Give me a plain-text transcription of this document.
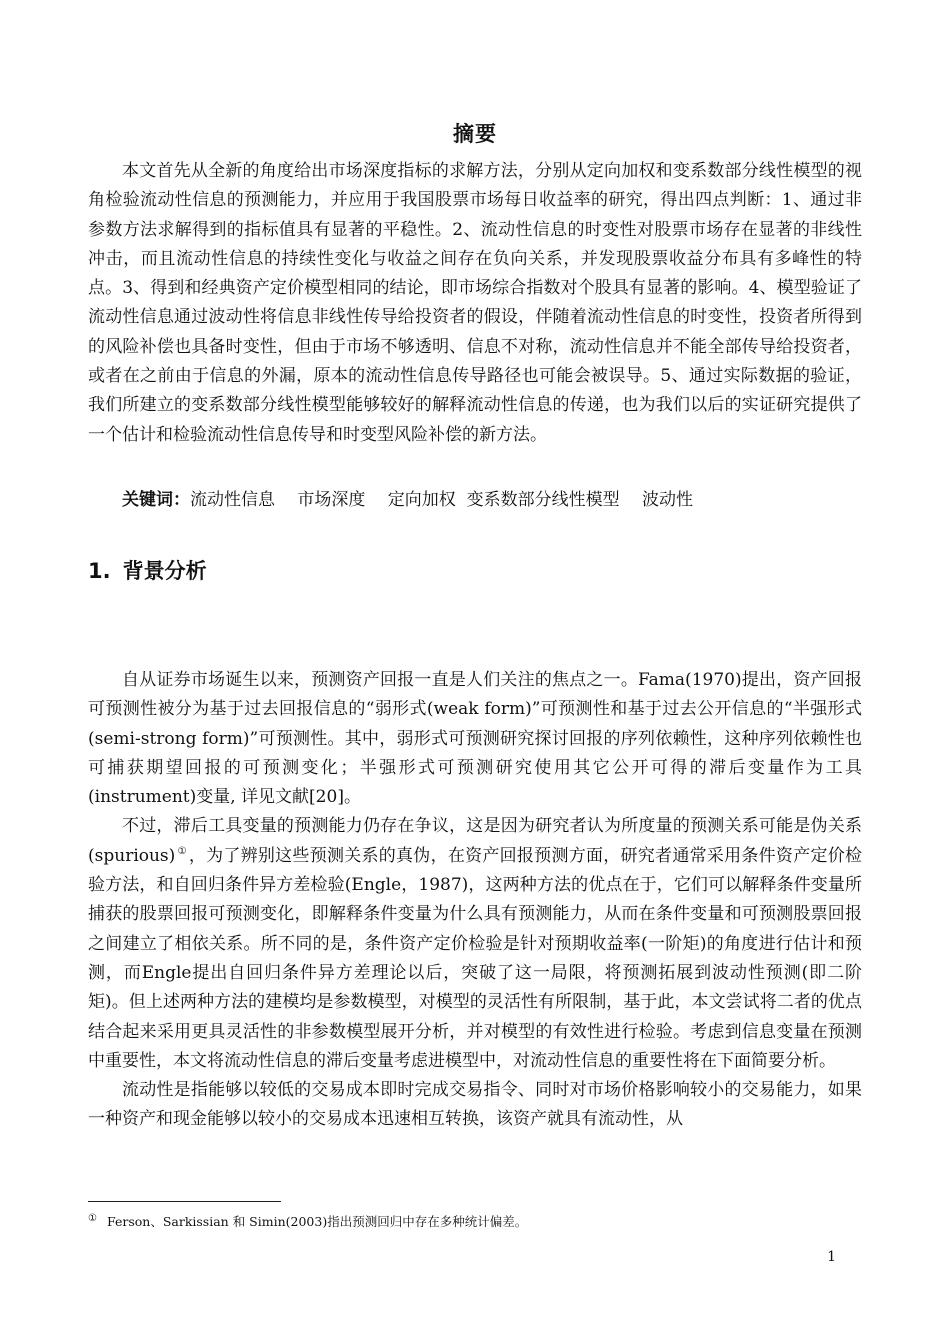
摘要

本文首先从全新的角度给出市场深度指标的求解方法，分别从定向加权和变系数部分线性模型的视角检验流动性信息的预测能力，并应用于我国股票市场每日收益率的研究，得出四点判断：1、通过非参数方法求解得到的指标值具有显著的平稳性。2、流动性信息的时变性对股票市场存在显著的非线性冲击，而且流动性信息的持续性变化与收益之间存在负向关系，并发现股票收益分布具有多峰性的特点。3、得到和经典资产定价模型相同的结论，即市场综合指数对个股具有显著的影响。4、模型验证了流动性信息通过波动性将信息非线性传导给投资者的假设，伴随着流动性信息的时变性，投资者所得到的风险补偿也具备时变性，但由于市场不够透明、信息不对称，流动性信息并不能全部传导给投资者，或者在之前由于信息的外漏，原本的流动性信息传导路径也可能会被误导。5、通过实际数据的验证，我们所建立的变系数部分线性模型能够较好的解释流动性信息的传递，也为我们以后的实证研究提供了一个估计和检验流动性信息传导和时变型风险补偿的新方法。

关键词：流动性信息　 市场深度　 定向加权  变系数部分线性模型　 波动性
1. 背景分析

自从证券市场诞生以来，预测资产回报一直是人们关注的焦点之一。Fama(1970)提出，资产回报可预测性被分为基于过去回报信息的“弱形式(weak form)”可预测性和基于过去公开信息的“半强形式(semi-strong form)”可预测性。其中，弱形式可预测研究探讨回报的序列依赖性，这种序列依赖性也可捕获期望回报的可预测变化；半强形式可预测研究使用其它公开可得的滞后变量作为工具(instrument)变量, 详见文献[20]。

不过，滞后工具变量的预测能力仍存在争议，这是因为研究者认为所度量的预测关系可能是伪关系(spurious) ① ，为了辨别这些预测关系的真伪，在资产回报预测方面，研究者通常采用条件资产定价检验方法，和自回归条件异方差检验(Engle，1987)，这两种方法的优点在于，它们可以解释条件变量所捕获的股票回报可预测变化，即解释条件变量为什么具有预测能力，从而在条件变量和可预测股票回报之间建立了相依关系。所不同的是，条件资产定价检验是针对预期收益率(一阶矩)的角度进行估计和预测，而Engle提出自回归条件异方差理论以后，突破了这一局限，将预测拓展到波动性预测(即二阶矩)。但上述两种方法的建模均是参数模型，对模型的灵活性有所限制，基于此，本文尝试将二者的优点结合起来采用更具灵活性的非参数模型展开分析，并对模型的有效性进行检验。考虑到信息变量在预测中重要性，本文将流动性信息的滞后变量考虑进模型中，对流动性信息的重要性将在下面简要分析。

流动性是指能够以较低的交易成本即时完成交易指令、同时对市场价格影响较小的交易能力，如果一种资产和现金能够以较小的交易成本迅速相互转换，该资产就具有流动性，从

① Ferson、Sarkissian 和 Simin(2003)指出预测回归中存在多种统计偏差。
1
